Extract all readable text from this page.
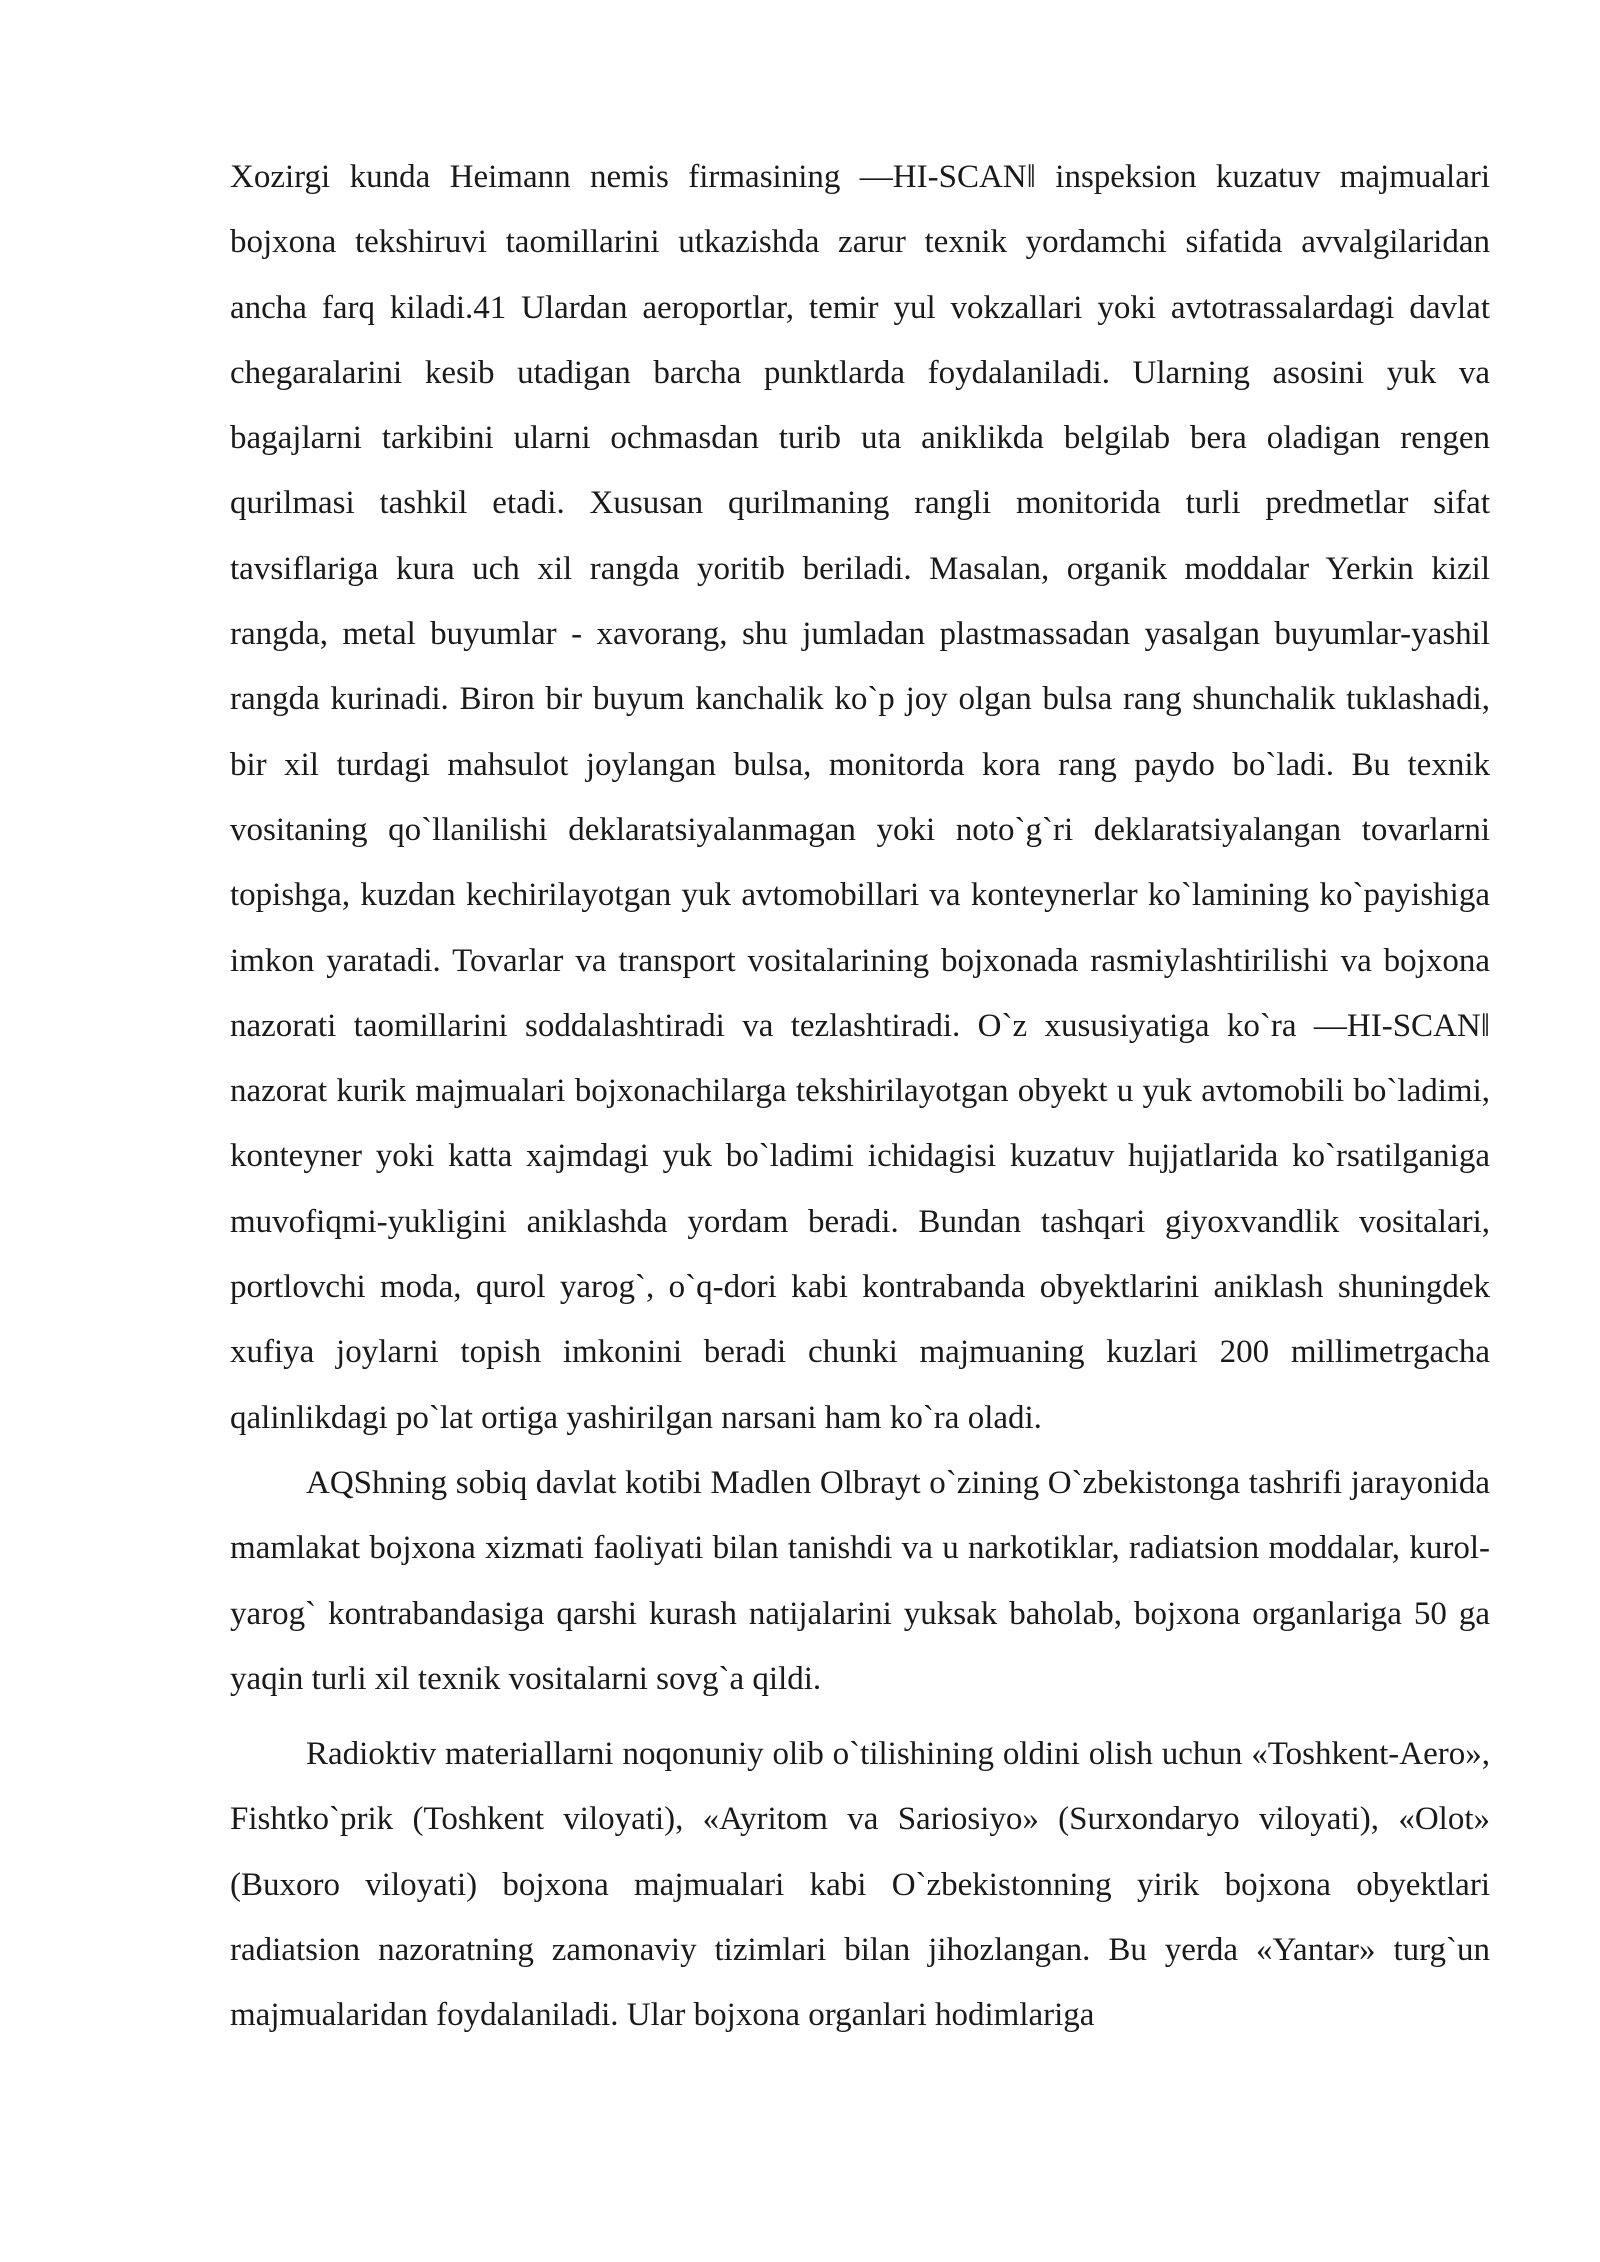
Xozirgi kunda Heimann nemis firmasining —HI-SCAN‖ inspeksion kuzatuv majmualari bojxona tekshiruvi taomillarini utkazishda zarur texnik yordamchi sifatida avvalgilaridan ancha farq kiladi.41 Ulardan aeroportlar, temir yul vokzallari yoki avtotrassalardagi davlat chegaralarini kesib utadigan barcha punktlarda foydalaniladi. Ularning asosini yuk va bagajlarni tarkibini ularni ochmasdan turib uta aniklikda belgilab bera oladigan rengen qurilmasi tashkil etadi. Xususan qurilmaning rangli monitorida turli predmetlar sifat tavsiflariga kura uch xil rangda yoritib beriladi. Masalan, organik moddalar Yerkin kizil rangda, metal buyumlar - xavorang, shu jumladan plastmassadan yasalgan buyumlar-yashil rangda kurinadi. Biron bir buyum kanchalik ko`p joy olgan bulsa rang shunchalik tuklashadi, bir xil turdagi mahsulot joylangan bulsa, monitorda kora rang paydo bo`ladi. Bu texnik vositaning qo`llanilishi deklaratsiyalanmagan yoki noto`g`ri deklaratsiyalangan tovarlarni topishga, kuzdan kechirilayotgan yuk avtomobillari va konteynerlar ko`lamining ko`payishiga imkon yaratadi. Tovarlar va transport vositalarining bojxonada rasmiylashtirilishi va bojxona nazorati taomillarini soddalashtiradi va tezlashtiradi. O`z xususiyatiga ko`ra —HI-SCAN‖ nazorat kurik majmualari bojxonachilarga tekshirilayotgan obyekt u yuk avtomobili bo`ladimi, konteyner yoki katta xajmdagi yuk bo`ladimi ichidagisi kuzatuv hujjatlarida ko`rsatilganiga muvofiqmi-yukligini aniklashda yordam beradi. Bundan tashqari giyoxvandlik vositalari, portlovchi moda, qurol yarog`, o`q-dori kabi kontrabanda obyektlarini aniklash shuningdek xufiya joylarni topish imkonini beradi chunki majmuaning kuzlari 200 millimetrgacha qalinlikdagi po`lat ortiga yashirilgan narsani ham ko`ra oladi.

AQShning sobiq davlat kotibi Madlen Olbrayt o`zining O`zbekistonga tashrifi jarayonida mamlakat bojxona xizmati faoliyati bilan tanishdi va u narkotiklar, radiatsion moddalar, kurol-yarog` kontrabandasiga qarshi kurash natijalarini yuksak baholab, bojxona organlariga 50 ga yaqin turli xil texnik vositalarni sovg`a qildi.

Radioktiv materiallarni noqonuniy olib o`tilishining oldini olish uchun «Toshkent-Aero», Fishtko`prik (Toshkent viloyati), «Ayritom va Sariosiyo» (Surxondaryo viloyati), «Olot» (Buxoro viloyati) bojxona majmualari kabi O`zbekistonning yirik bojxona obyektlari radiatsion nazoratning zamonaviy tizimlari bilan jihozlangan. Bu yerda «Yantar» turg`un majmualaridan foydalaniladi. Ular bojxona organlari hodimlariga
